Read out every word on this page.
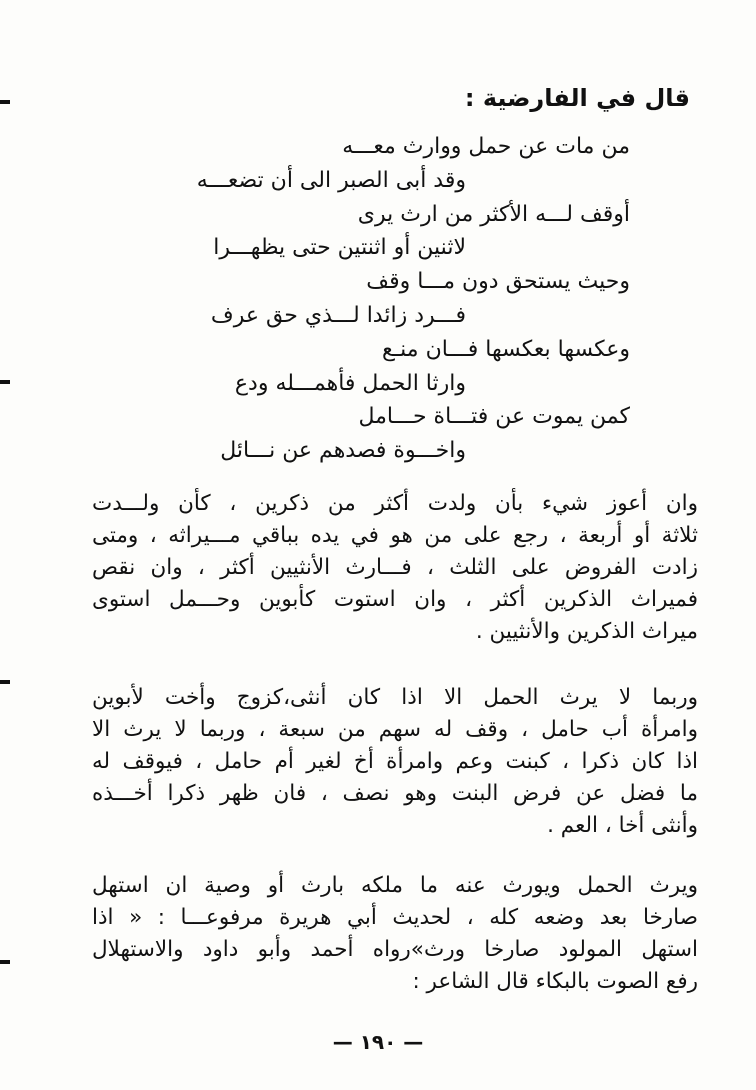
قال في الفارضية :
من مات عن حمل ووارث معـــه
وقد أبى الصبر الى أن تضعـــه
أوقف لـــه الأكثر من ارث يرى
لاثنين أو اثنتين حتى يظهـــرا
وحيث يستحق دون مـــا وقف
فـــرد زائدا لـــذي حق عرف
وعكسها بعكسها فـــان منـع
وارثا الحمل فأهمـــله ودع
كمن يموت عن فتـــاة حـــامل
واخـــوة فصدهم عن نـــائل
وان أعوز شيء بأن ولدت أكثر من ذكرين ، كأن ولـــدت
ثلاثة أو أربعة ، رجع على من هو في يده بباقي مـــيراثه ، ومتى
زادت الفروض على الثلث ، فـــارث الأنثيين أكثر ، وان نقص
فميراث الذكرين أكثر ، وان استوت كأبوين وحـــمل استوى
ميراث الذكرين والأنثيين .
وربما لا يرث الحمل الا اذا كان أنثى،كزوج وأخت لأبوين
وامرأة أب حامل ، وقف له سهم من سبعة ، وربما لا يرث الا
اذا كان ذكرا ، كبنت وعم وامرأة أخ لغير أم حامل ، فيوقف له
ما فضل عن فرض البنت وهو نصف ، فان ظهر ذكرا أخـــذه
وأنثى أخا ، العم .
ويرث الحمل ويورث عنه ما ملكه بارث أو وصية ان استهل
صارخا بعد وضعه كله ، لحديث أبي هريرة مرفوعـــا : « اذا
استهل المولود صارخا ورث»رواه أحمد وأبو داود والاستهلال
رفع الصوت بالبكاء قال الشاعر :
— ١٩٠ —
